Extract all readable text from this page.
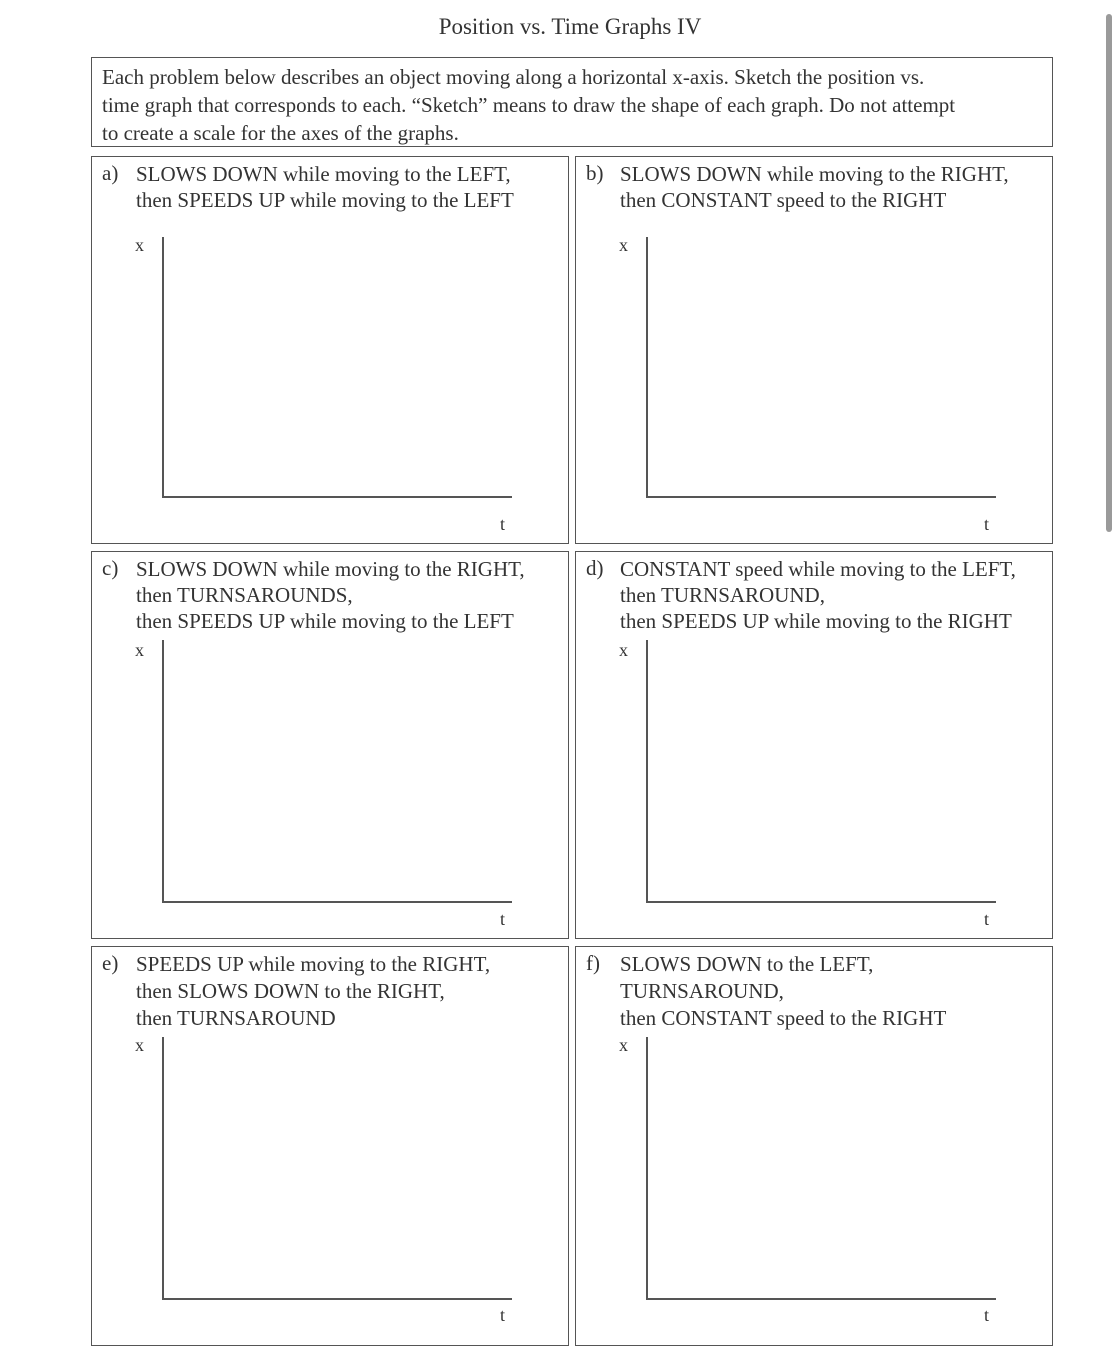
Position vs. Time Graphs IV
Each problem below describes an object moving along a horizontal x-axis. Sketch the position vs.
time graph that corresponds to each. “Sketch” means to draw the shape of each graph. Do not attempt
to create a scale for the axes of the graphs.
a) SLOWS DOWN while moving to the LEFT,
then SPEEDS UP while moving to the LEFT
x
t
b) SLOWS DOWN while moving to the RIGHT,
then CONSTANT speed to the RIGHT
x
t
c) SLOWS DOWN while moving to the RIGHT,
then TURNSAROUNDS,
then SPEEDS UP while moving to the LEFT
x
t
d) CONSTANT speed while moving to the LEFT,
then TURNSAROUND,
then SPEEDS UP while moving to the RIGHT
x
t
e) SPEEDS UP while moving to the RIGHT,
then SLOWS DOWN to the RIGHT,
then TURNSAROUND
x
t
f) SLOWS DOWN to the LEFT,
TURNSAROUND,
then CONSTANT speed to the RIGHT
x
t
